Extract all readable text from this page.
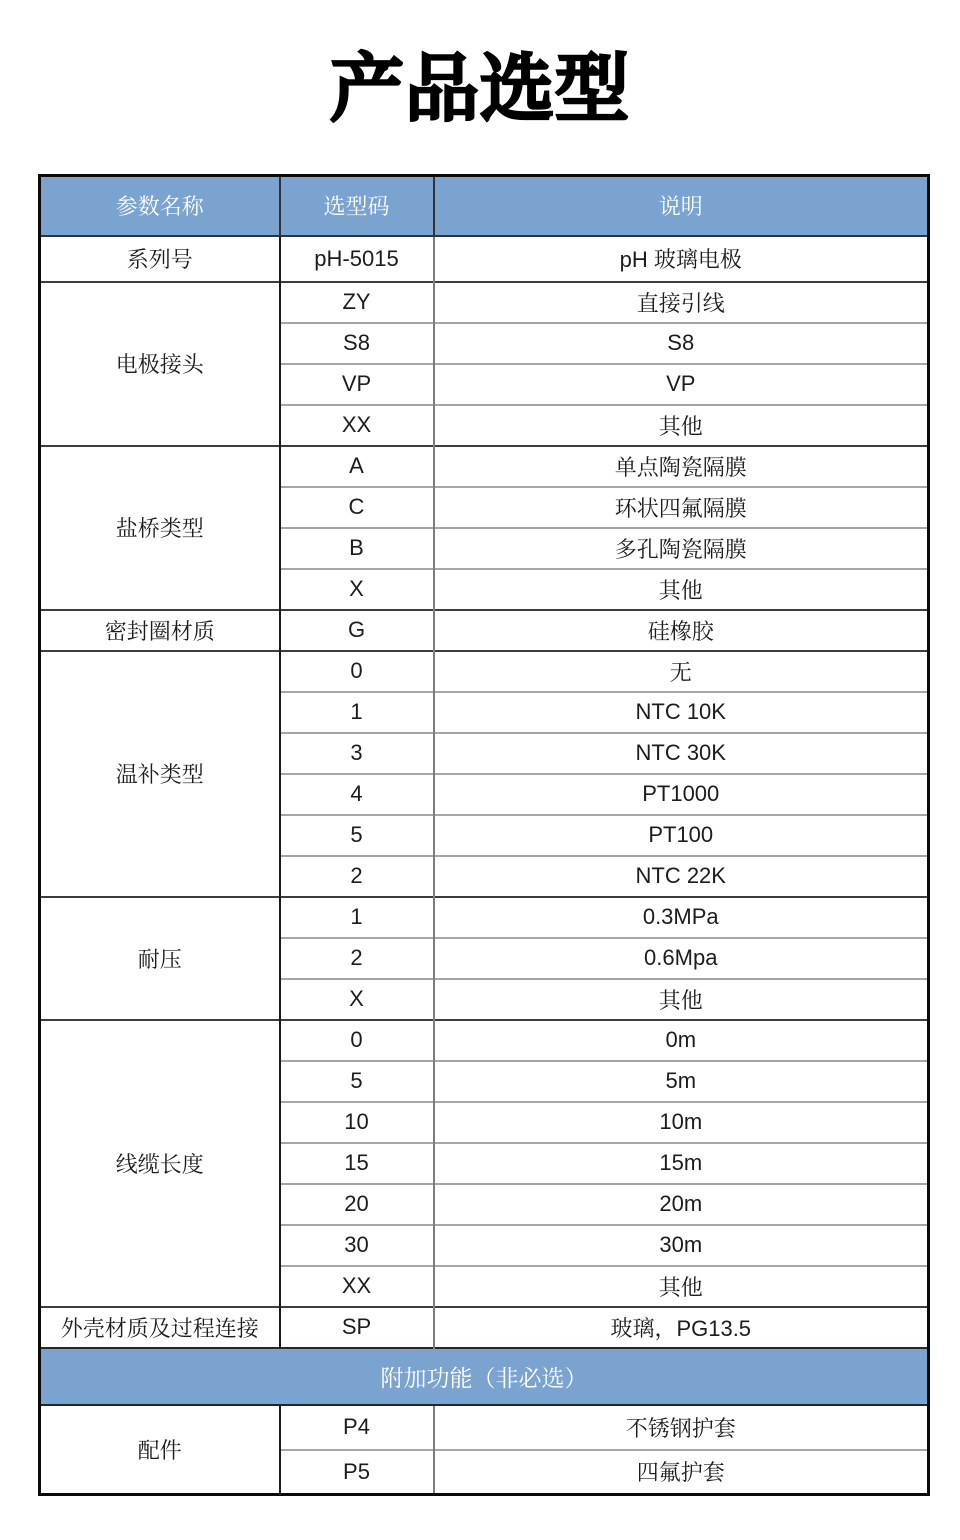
产品选型
参数名称	选型码	说明
系列号	pH-5015	pH 玻璃电极
电极接头	ZY	直接引线
	S8	S8
	VP	VP
	XX	其他
盐桥类型	A	单点陶瓷隔膜
	C	环状四氟隔膜
	B	多孔陶瓷隔膜
	X	其他
密封圈材质	G	硅橡胶
温补类型	0	无
	1	NTC 10K
	3	NTC 30K
	4	PT1000
	5	PT100
	2	NTC 22K
耐压	1	0.3MPa
	2	0.6Mpa
	X	其他
线缆长度	0	0m
	5	5m
	10	10m
	15	15m
	20	20m
	30	30m
	XX	其他
外壳材质及过程连接	SP	玻璃，PG13.5
附加功能（非必选）		
配件	P4	不锈钢护套
	P5	四氟护套
